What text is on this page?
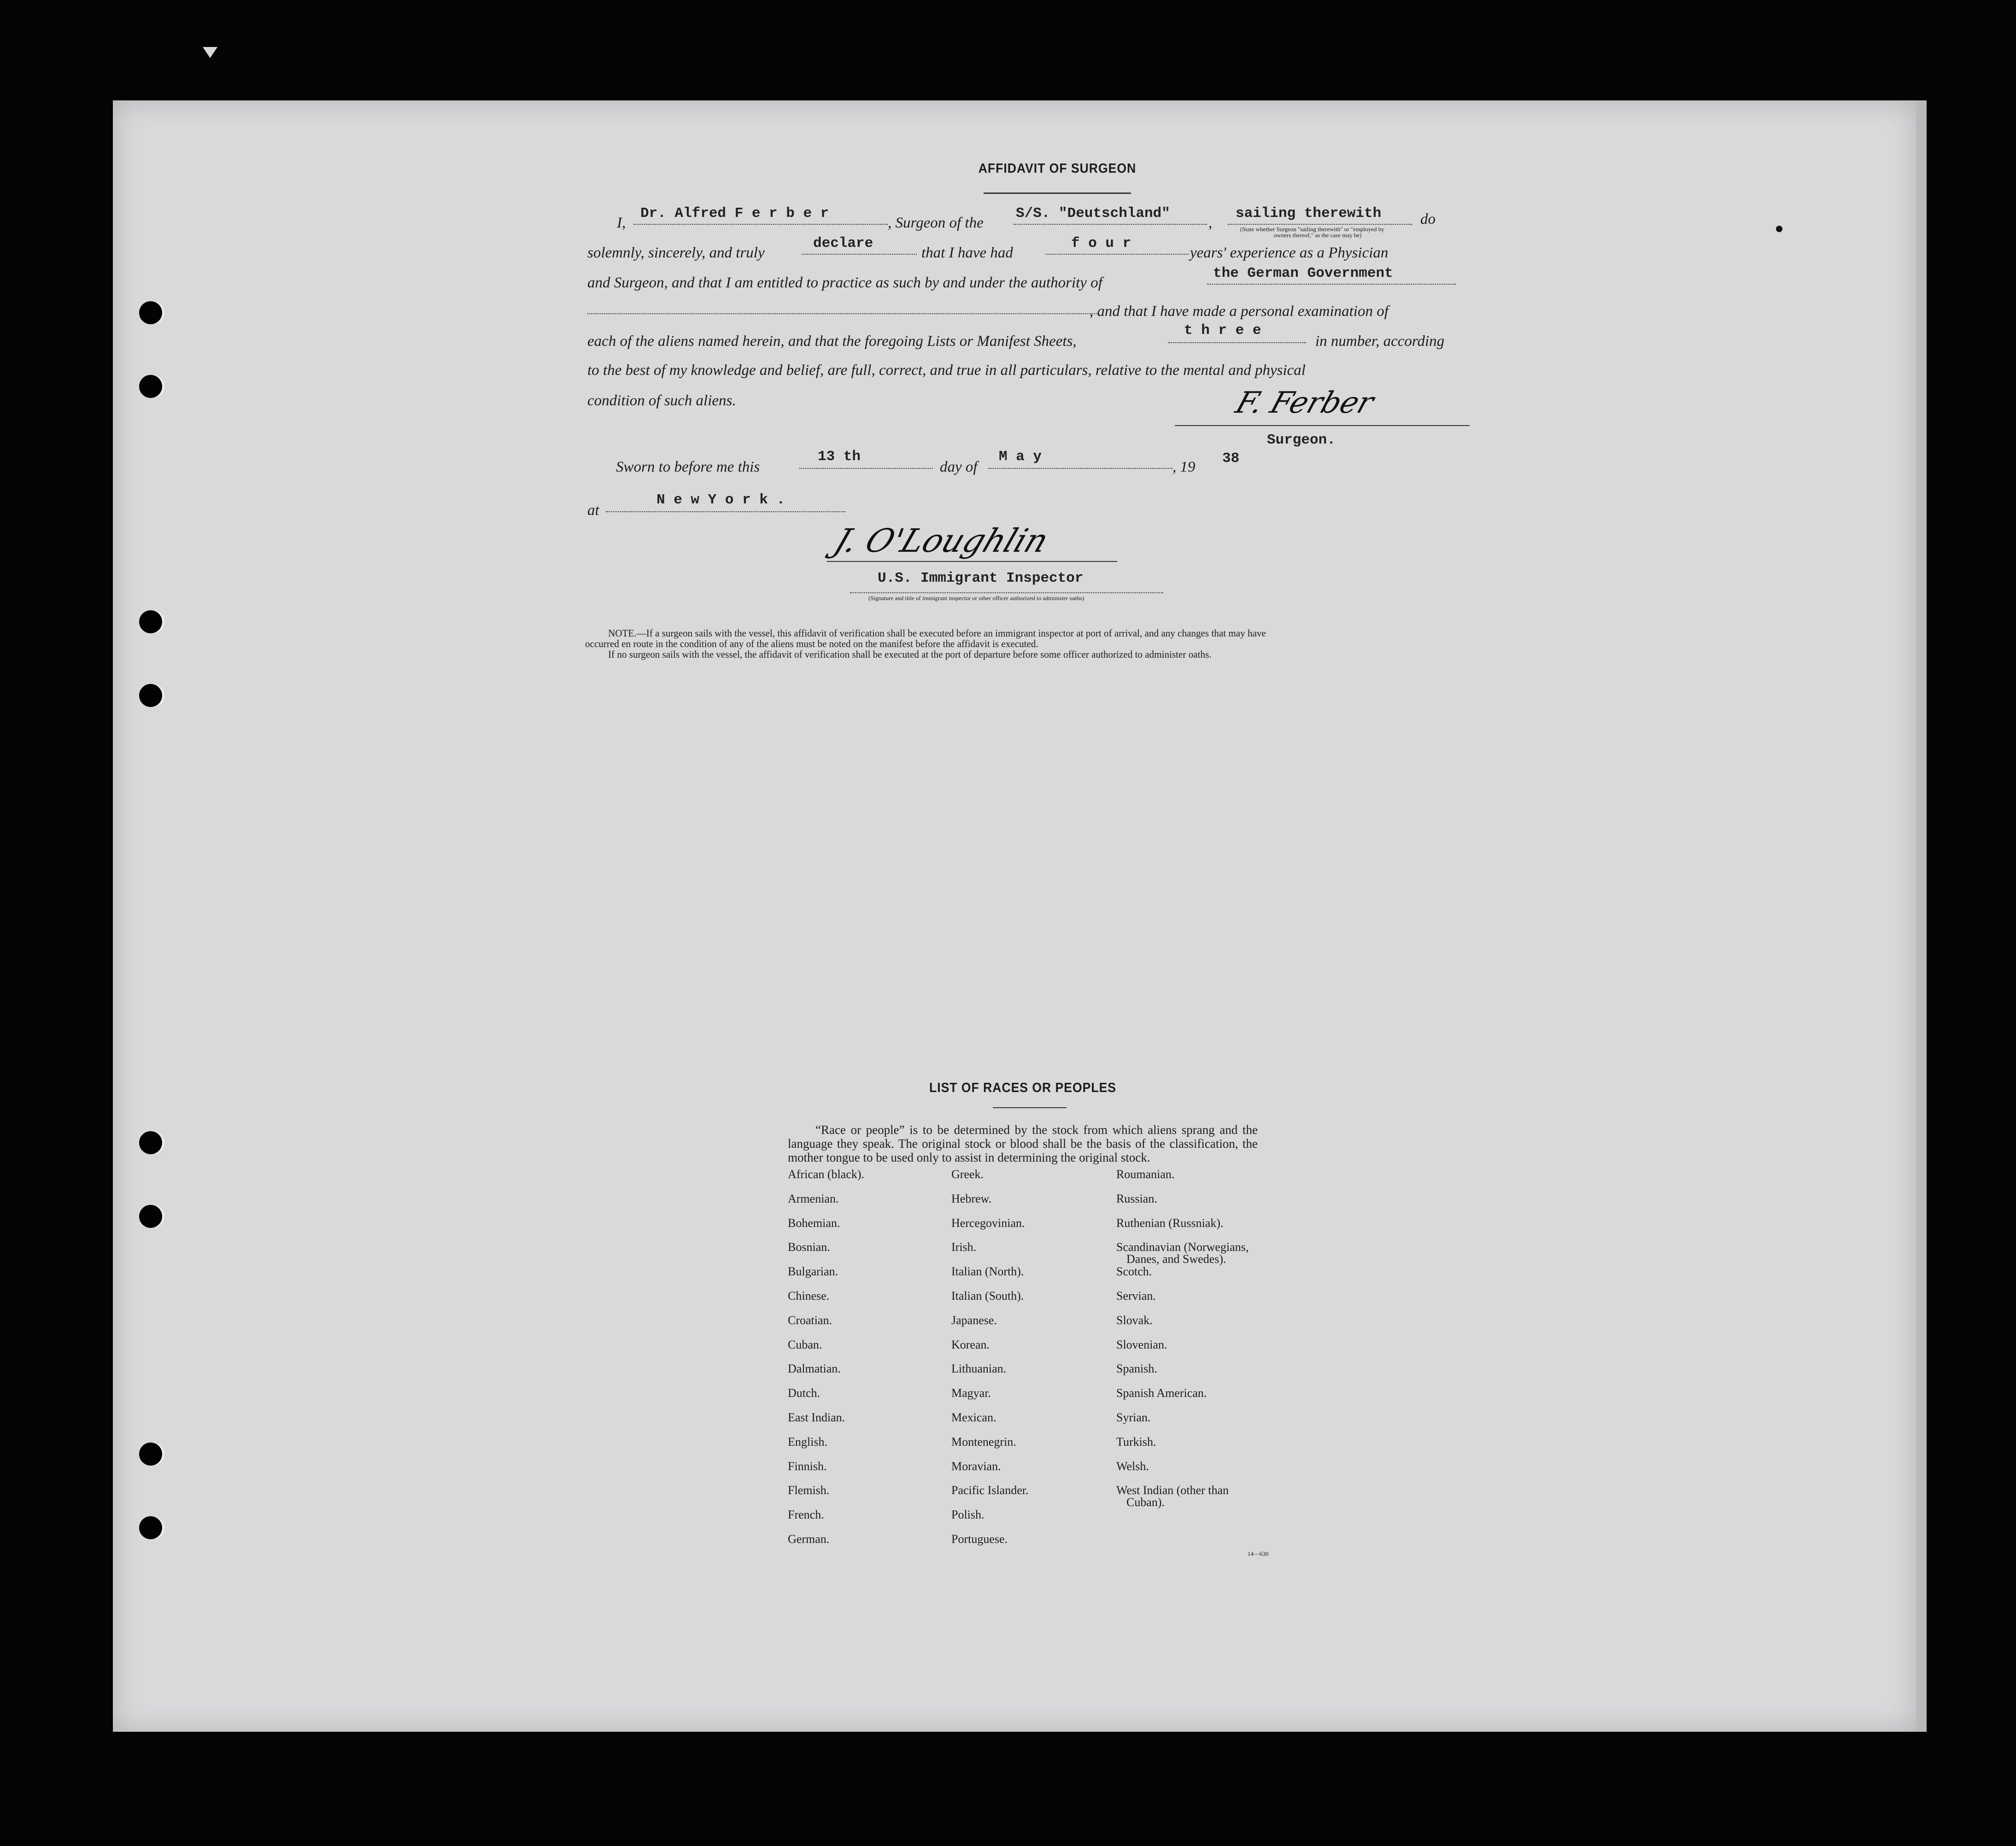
AFFIDAVIT OF SURGEON
I,
Dr. Alfred F e r b e r
, Surgeon of the
S/S. "Deutschland"
,
sailing therewith
(State whether Surgeon "sailing therewith" or "employed by
owners thereof," as the case may be)
do
solemnly, sincerely, and truly
declare
that I have had
f o u r
years' experience as a Physician
and Surgeon, and that I am entitled to practice as such by and under the authority of
the German Government
, and that I have made a personal examination of
each of the aliens named herein, and that the foregoing Lists or Manifest Sheets,
t h r e e
in number, according
to the best of my knowledge and belief, are full, correct, and true in all particulars, relative to the mental and physical
condition of such aliens.	F. Ferber
Surgeon.
Sworn to before me this
13 th
day of
M a y
, 19
38
at
N e w Y o r k .
J. O'Loughlin
U.S. Immigrant Inspector
(Signature and title of immigrant inspector or other officer authorized to administer oaths)
NOTE.—If a surgeon sails with the vessel, this affidavit of verification shall be executed before an immigrant inspector at port of arrival, and any changes that may have
occurred en route in the condition of any of the aliens must be noted on the manifest before the affidavit is executed.
If no surgeon sails with the vessel, the affidavit of verification shall be executed at the port of departure before some officer authorized to administer oaths.
LIST OF RACES OR PEOPLES
“Race or people” is to be determined by the stock from which aliens sprang and the language they speak. The original stock or blood shall be the basis of the classification, the mother tongue to be used only to assist in determining the original stock.
African (black).
Armenian.
Bohemian.
Bosnian.
Bulgarian.
Chinese.
Croatian.
Cuban.
Dalmatian.
Dutch.
East Indian.
English.
Finnish.
Flemish.
French.
German.
Greek.
Hebrew.
Hercegovinian.
Irish.
Italian (North).
Italian (South).
Japanese.
Korean.
Lithuanian.
Magyar.
Mexican.
Montenegrin.
Moravian.
Pacific Islander.
Polish.
Portuguese.
Roumanian.
Russian.
Ruthenian (Russniak).
Scandinavian (Norwegians,
Danes, and Swedes).
Scotch.
Servian.
Slovak.
Slovenian.
Spanish.
Spanish American.
Syrian.
Turkish.
Welsh.
West Indian (other than
Cuban).
14—630
